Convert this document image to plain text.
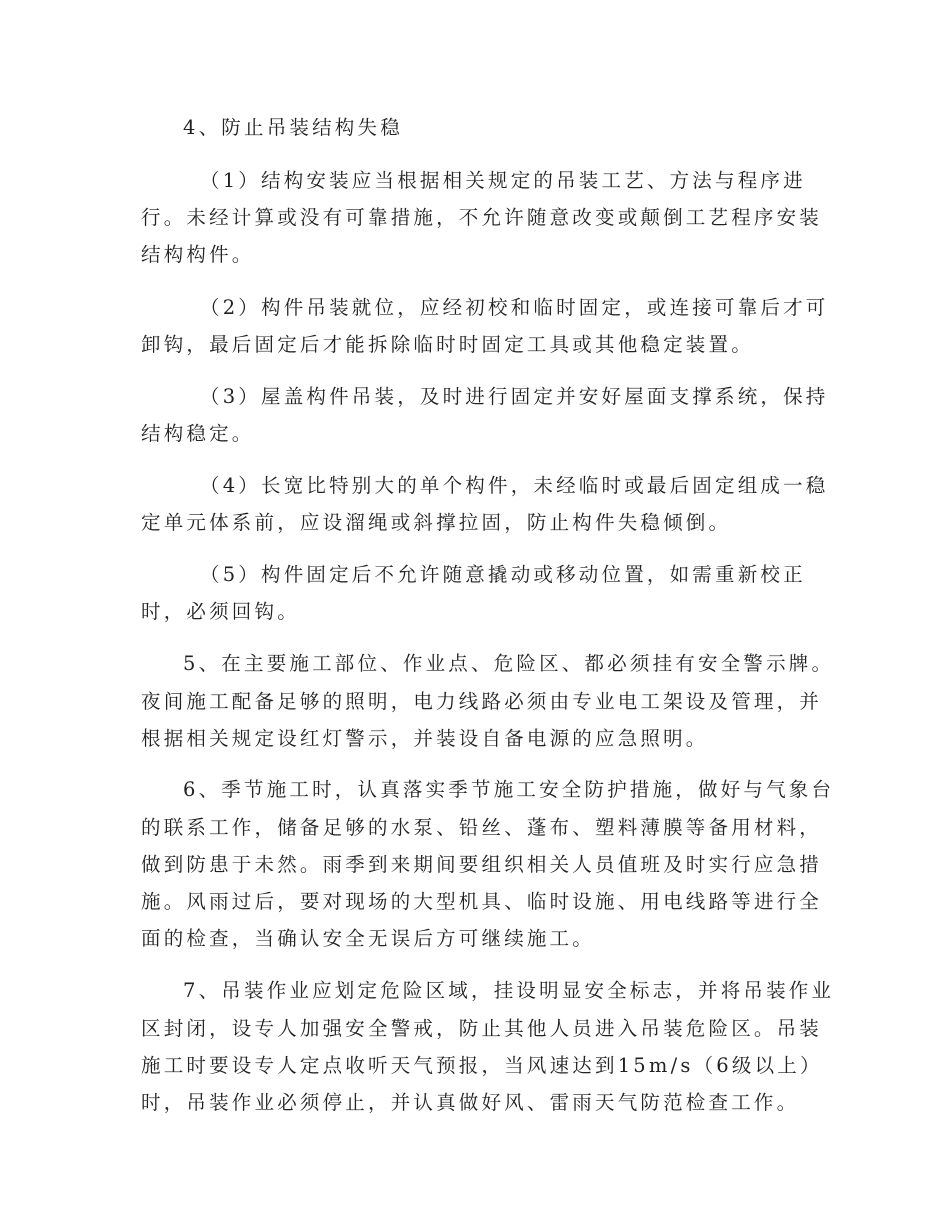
4、防止吊装结构失稳
（1）结构安装应当根据相关规定的吊装工艺、方法与程序进
行。未经计算或没有可靠措施，不允许随意改变或颠倒工艺程序安装
结构构件。
（2）构件吊装就位，应经初校和临时固定，或连接可靠后才可
卸钩，最后固定后才能拆除临时时固定工具或其他稳定装置。
（3）屋盖构件吊装，及时进行固定并安好屋面支撑系统，保持
结构稳定。
（4）长宽比特别大的单个构件，未经临时或最后固定组成一稳
定单元体系前，应设溜绳或斜撑拉固，防止构件失稳倾倒。
（5）构件固定后不允许随意撬动或移动位置，如需重新校正
时，必须回钩。
5、在主要施工部位、作业点、危险区、都必须挂有安全警示牌。
夜间施工配备足够的照明，电力线路必须由专业电工架设及管理，并
根据相关规定设红灯警示，并装设自备电源的应急照明。
6、季节施工时，认真落实季节施工安全防护措施，做好与气象台
的联系工作，储备足够的水泵、铅丝、蓬布、塑料薄膜等备用材料，
做到防患于未然。雨季到来期间要组织相关人员值班及时实行应急措
施。风雨过后，要对现场的大型机具、临时设施、用电线路等进行全
面的检查，当确认安全无误后方可继续施工。
7、吊装作业应划定危险区域，挂设明显安全标志，并将吊装作业
区封闭，设专人加强安全警戒，防止其他人员进入吊装危险区。吊装
施工时要设专人定点收听天气预报，当风速达到15m/s（6级以上）
时，吊装作业必须停止，并认真做好风、雷雨天气防范检查工作。
